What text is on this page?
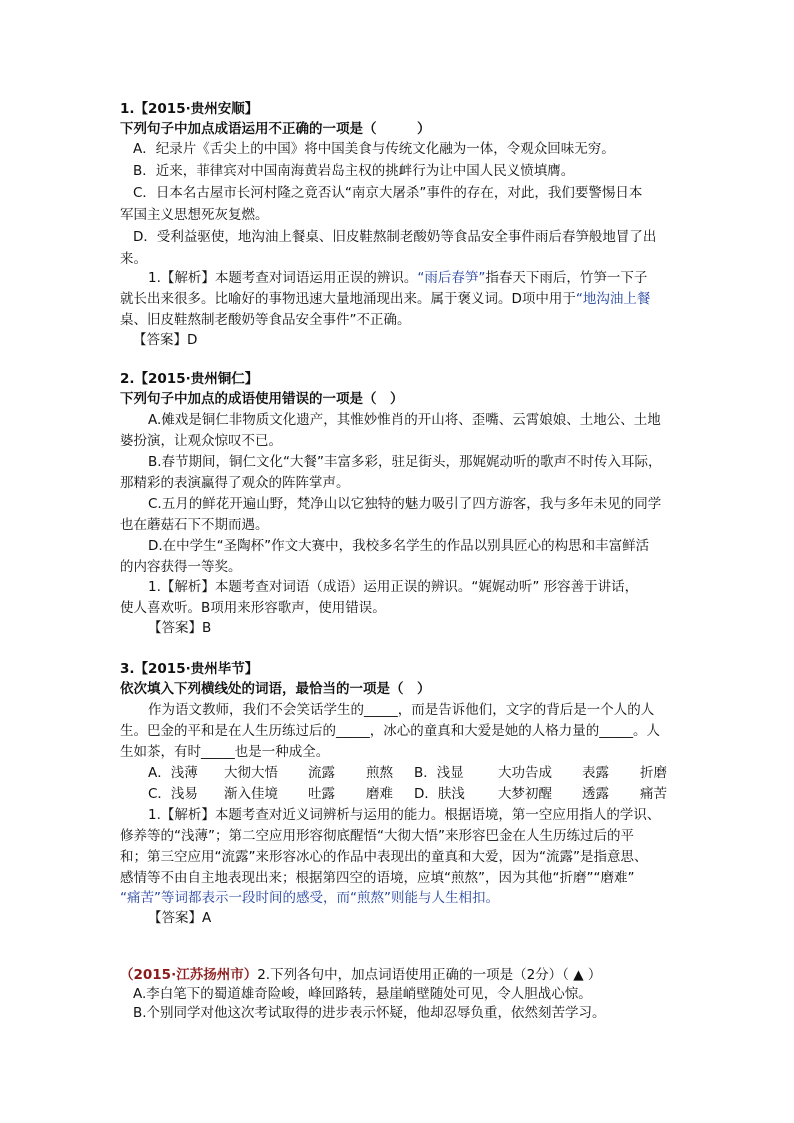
1.【2015·贵州安顺】
下列句子中加点成语运用不正确的一项是（　　　）
A．纪录片《舌尖上的中国》将中国美食与传统文化融为一体，令观众回味无穷。
B．近来，菲律宾对中国南海黄岩岛主权的挑衅行为让中国人民义愤填膺。
C．日本名古屋市长河村隆之竟否认“南京大屠杀”事件的存在，对此，我们要警惕日本
军国主义思想死灰复燃。
D．受利益驱使，地沟油上餐桌、旧皮鞋熬制老酸奶等食品安全事件雨后春笋般地冒了出
来。
1.【解析】本题考查对词语运用正误的辨识。“雨后春笋”指春天下雨后，竹笋一下子
就长出来很多。比喻好的事物迅速大量地涌现出来。属于褒义词。D项中用于“地沟油上餐
桌、旧皮鞋熬制老酸奶等食品安全事件”不正确。
【答案】D
2.【2015·贵州铜仁】
下列句子中加点的成语使用错误的一项是（　）
A.傩戏是铜仁非物质文化遗产，其惟妙惟肖的开山将、歪嘴、云霄娘娘、土地公、土地
婆扮演，让观众惊叹不已。
B.春节期间，铜仁文化“大餐”丰富多彩，驻足街头，那娓娓动听的歌声不时传入耳际，
那精彩的表演赢得了观众的阵阵掌声。
C.五月的鲜花开遍山野，梵净山以它独特的魅力吸引了四方游客，我与多年未见的同学
也在蘑菇石下不期而遇。
D.在中学生“圣陶杯”作文大赛中，我校多名学生的作品以别具匠心的构思和丰富鲜活
的内容获得一等奖。
1.【解析】本题考查对词语（成语）运用正误的辨识。“娓娓动听” 形容善于讲话，
使人喜欢听。B项用来形容歌声，使用错误。
【答案】B
3.【2015·贵州毕节】
依次填入下列横线处的词语，最恰当的一项是（　）
作为语文教师，我们不会笑话学生的_____，而是告诉他们，文字的背后是一个人的人
生。巴金的平和是在人生历练过后的_____，冰心的童真和大爱是她的人格力量的_____。人
生如茶，有时_____也是一种成全。
A．浅薄 大彻大悟 流露 煎熬 B．浅显	大功告成 表露 折磨
C．浅易 渐入佳境 吐露 磨难 D．肤浅 大梦初醒 透露 痛苦
1.【解析】本题考查对近义词辨析与运用的能力。根据语境，第一空应用指人的学识、
修养等的“浅薄”；第二空应用形容彻底醒悟“大彻大悟”来形容巴金在人生历练过后的平
和；第三空应用“流露”来形容冰心的作品中表现出的童真和大爱，因为“流露”是指意思、
感情等不由自主地表现出来；根据第四空的语境，应填“煎熬”，因为其他“折磨”“磨难”
“痛苦”等词都表示一段时间的感受，而“煎熬”则能与人生相扣。
【答案】A
（2015·江苏扬州市）2.下列各句中，加点词语使用正确的一项是（2分）（ ▲ ）
A.李白笔下的蜀道雄奇险峻，峰回路转，悬崖峭壁随处可见，令人胆战心惊。
B.个别同学对他这次考试取得的进步表示怀疑，他却忍辱负重，依然刻苦学习。
